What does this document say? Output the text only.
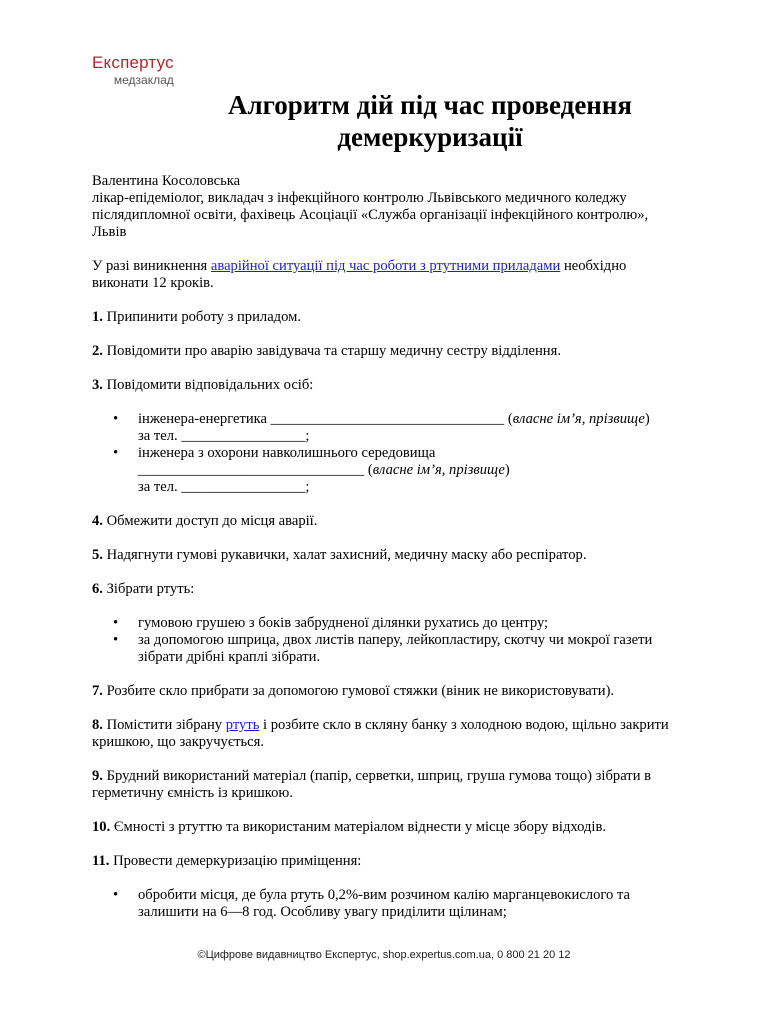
Експертус
медзаклад
Алгоритм дій під час проведення
демеркуризації

Валентина Косоловська

лікар-епідеміолог, викладач з інфекційного контролю Львівського медичного коледжу післядипломної освіти, фахівець Асоціації «Служба організації інфекційного контролю», Львів

У разі виникнення аварійної ситуації під час роботи з ртутними приладами необхідно виконати 12 кроків.

1. Припинити роботу з приладом.

2. Повідомити про аварію завідувача та старшу медичну сестру відділення.

3. Повідомити відповідальних осіб:

• інженера-енергетика ________________________________ (власне ім’я, прізвище)
за тел. _________________;
• інженера з охорони навколишнього середовища
_______________________________ (власне ім’я, прізвище)
за тел. _________________;

4. Обмежити доступ до місця аварії.

5. Надягнути гумові рукавички, халат захисний, медичну маску або респіратор.

6. Зібрати ртуть:

• гумовою грушею з боків забрудненої ділянки рухатись до центру;
• за допомогою шприца, двох листів паперу, лейкопластиру, скотчу чи мокрої газети зібрати дрібні краплі зібрати.

7. Розбите скло прибрати за допомогою гумової стяжки (віник не використовувати).

8. Помістити зібрану ртуть і розбите скло в скляну банку з холодною водою, щільно закрити кришкою, що закручується.

9. Брудний використаний матеріал (папір, серветки, шприц, груша гумова тощо) зібрати в герметичну ємність із кришкою.

10. Ємності з ртуттю та використаним матеріалом віднести у місце збору відходів.

11. Провести демеркуризацію приміщення:

• обробити місця, де була ртуть 0,2%-вим розчином калію марганцевокислого та залишити на 6—8 год. Особливу увагу приділити щілинам;
©Цифрове видавництво Експертус, shop.expertus.com.ua, 0 800 21 20 12
